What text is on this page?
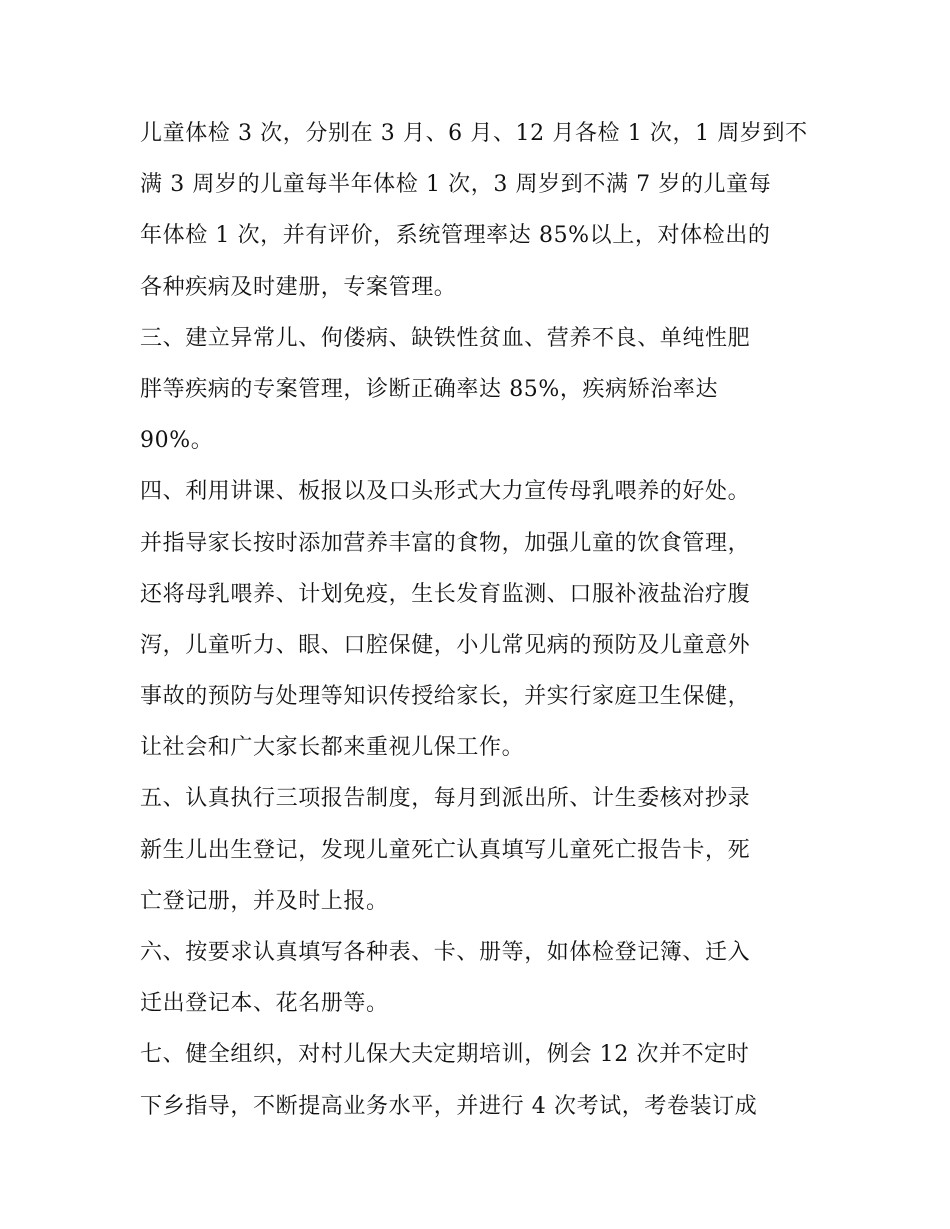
儿童体检 3 次，分别在 3 月、6 月、12 月各检 1 次，1 周岁到不
满 3 周岁的儿童每半年体检 1 次，3 周岁到不满 7 岁的儿童每
年体检 1 次，并有评价，系统管理率达 85%以上，对体检出的
各种疾病及时建册，专案管理。
三、建立异常儿、佝偻病、缺铁性贫血、营养不良、单纯性肥
胖等疾病的专案管理，诊断正确率达 85%，疾病矫治率达
90%。
四、利用讲课、板报以及口头形式大力宣传母乳喂养的好处。
并指导家长按时添加营养丰富的食物，加强儿童的饮食管理，
还将母乳喂养、计划免疫，生长发育监测、口服补液盐治疗腹
泻，儿童听力、眼、口腔保健，小儿常见病的预防及儿童意外
事故的预防与处理等知识传授给家长，并实行家庭卫生保健，
让社会和广大家长都来重视儿保工作。
五、认真执行三项报告制度，每月到派出所、计生委核对抄录
新生儿出生登记，发现儿童死亡认真填写儿童死亡报告卡，死
亡登记册，并及时上报。
六、按要求认真填写各种表、卡、册等，如体检登记簿、迁入
迁出登记本、花名册等。
七、健全组织，对村儿保大夫定期培训，例会 12 次并不定时
下乡指导，不断提高业务水平，并进行 4 次考试，考卷装订成
